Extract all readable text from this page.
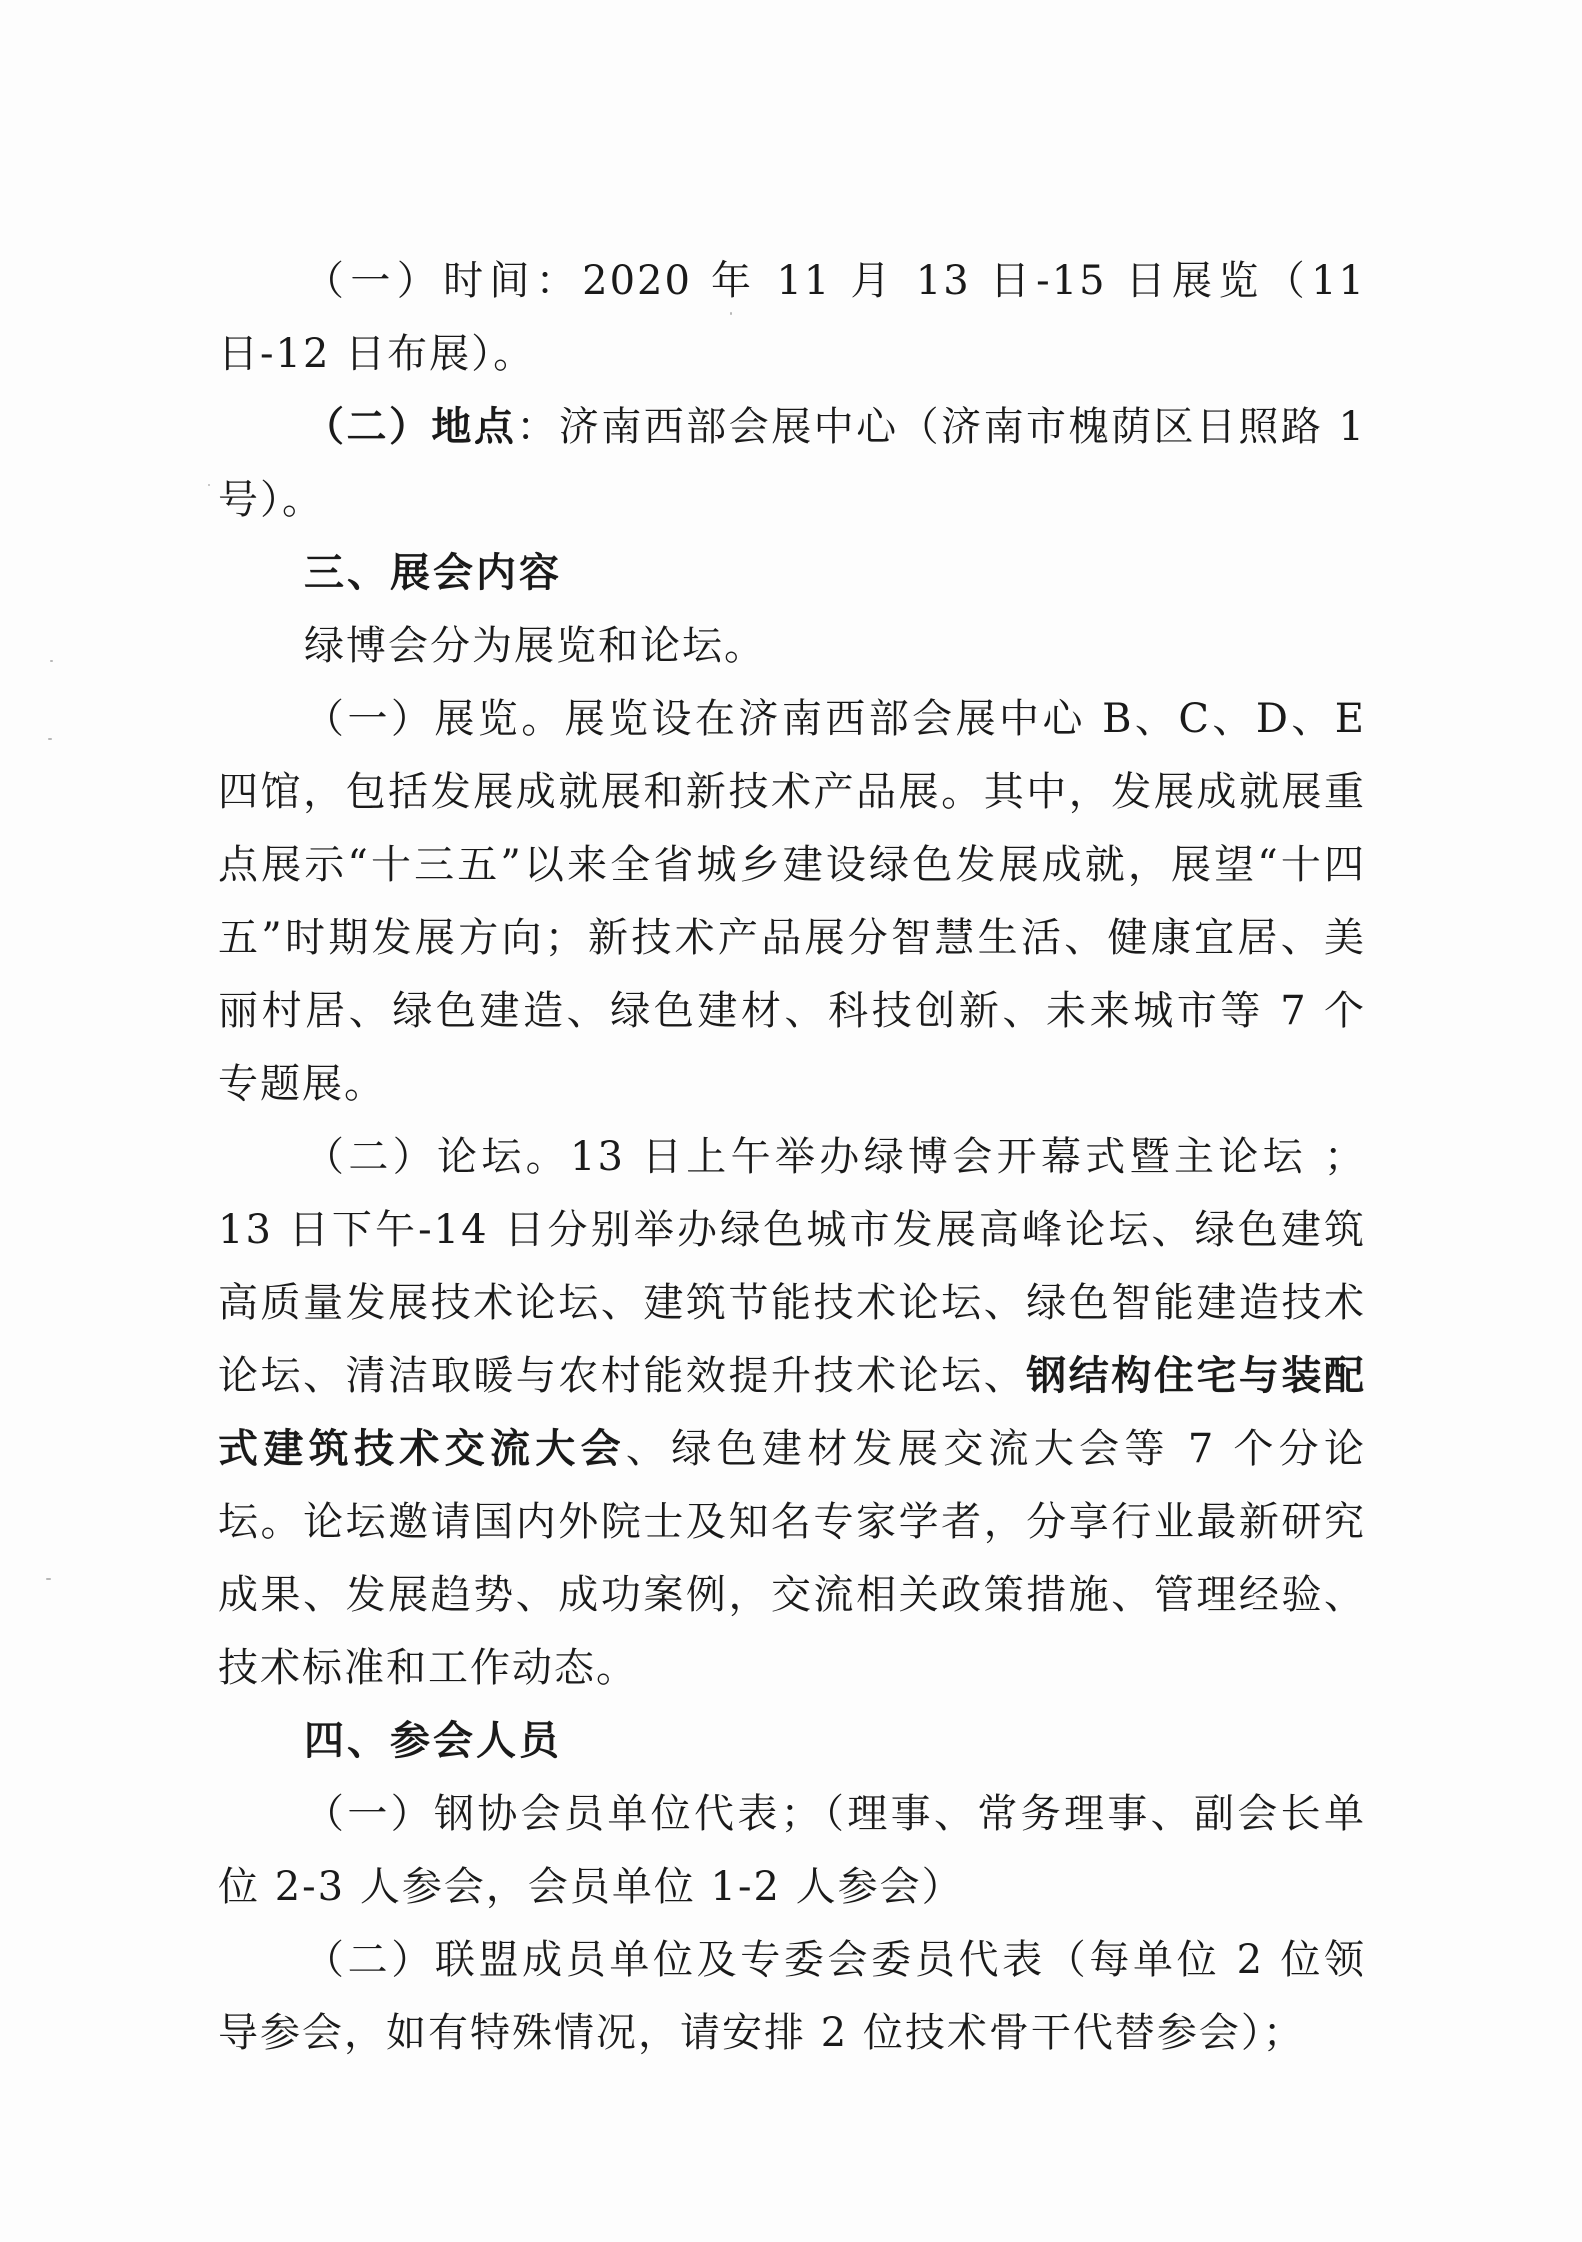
（一）时间：2020 年 11 月 13 日-15 日展览（11 日-12 日布展）。

（二）地点：济南西部会展中心（济南市槐荫区日照路 1 号）。

三、展会内容

绿博会分为展览和论坛。

（一）展览。展览设在济南西部会展中心 B、C、D、E 四馆，包括发展成就展和新技术产品展。其中，发展成就展重点展示“十三五”以来全省城乡建设绿色发展成就，展望“十四五”时期发展方向；新技术产品展分智慧生活、健康宜居、美丽村居、绿色建造、绿色建材、科技创新、未来城市等 7 个专题展。

（二）论坛。13 日上午举办绿博会开幕式暨主论坛 ；13 日下午-14 日分别举办绿色城市发展高峰论坛、绿色建筑高质量发展技术论坛、建筑节能技术论坛、绿色智能建造技术论坛、清洁取暖与农村能效提升技术论坛、钢结构住宅与装配式建筑技术交流大会、绿色建材发展交流大会等 7 个分论坛。论坛邀请国内外院士及知名专家学者，分享行业最新研究成果、发展趋势、成功案例，交流相关政策措施、管理经验、技术标准和工作动态。

四、参会人员

（一）钢协会员单位代表；（理事、常务理事、副会长单位 2-3 人参会，会员单位 1-2 人参会）

（二）联盟成员单位及专委会委员代表（每单位 2 位领导参会，如有特殊情况，请安排 2 位技术骨干代替参会）；
